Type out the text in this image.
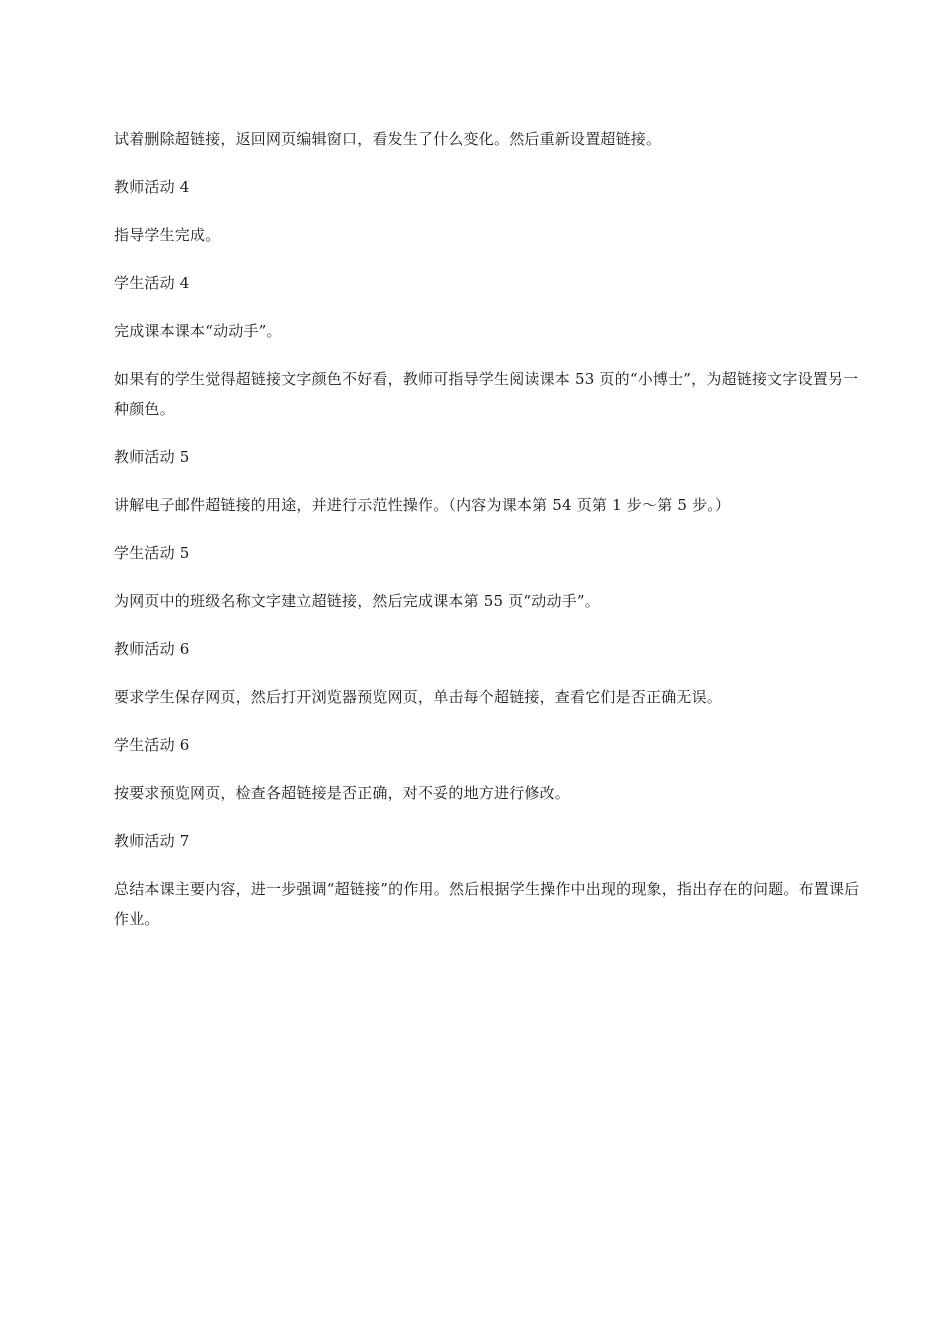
试着删除超链接，返回网页编辑窗口，看发生了什么变化。然后重新设置超链接。

教师活动 4

指导学生完成。

学生活动 4

完成课本课本“动动手”。

如果有的学生觉得超链接文字颜色不好看，教师可指导学生阅读课本 53 页的“小博士”，为超链接文字设置另一种颜色。

教师活动 5

讲解电子邮件超链接的用途，并进行示范性操作。（内容为课本第 54 页第 1 步～第 5 步。）

学生活动 5

为网页中的班级名称文字建立超链接，然后完成课本第 55 页“动动手”。

教师活动 6

要求学生保存网页，然后打开浏览器预览网页，单击每个超链接，查看它们是否正确无误。

学生活动 6

按要求预览网页，检查各超链接是否正确，对不妥的地方进行修改。

教师活动 7

总结本课主要内容，进一步强调“超链接”的作用。然后根据学生操作中出现的现象，指出存在的问题。布置课后作业。
